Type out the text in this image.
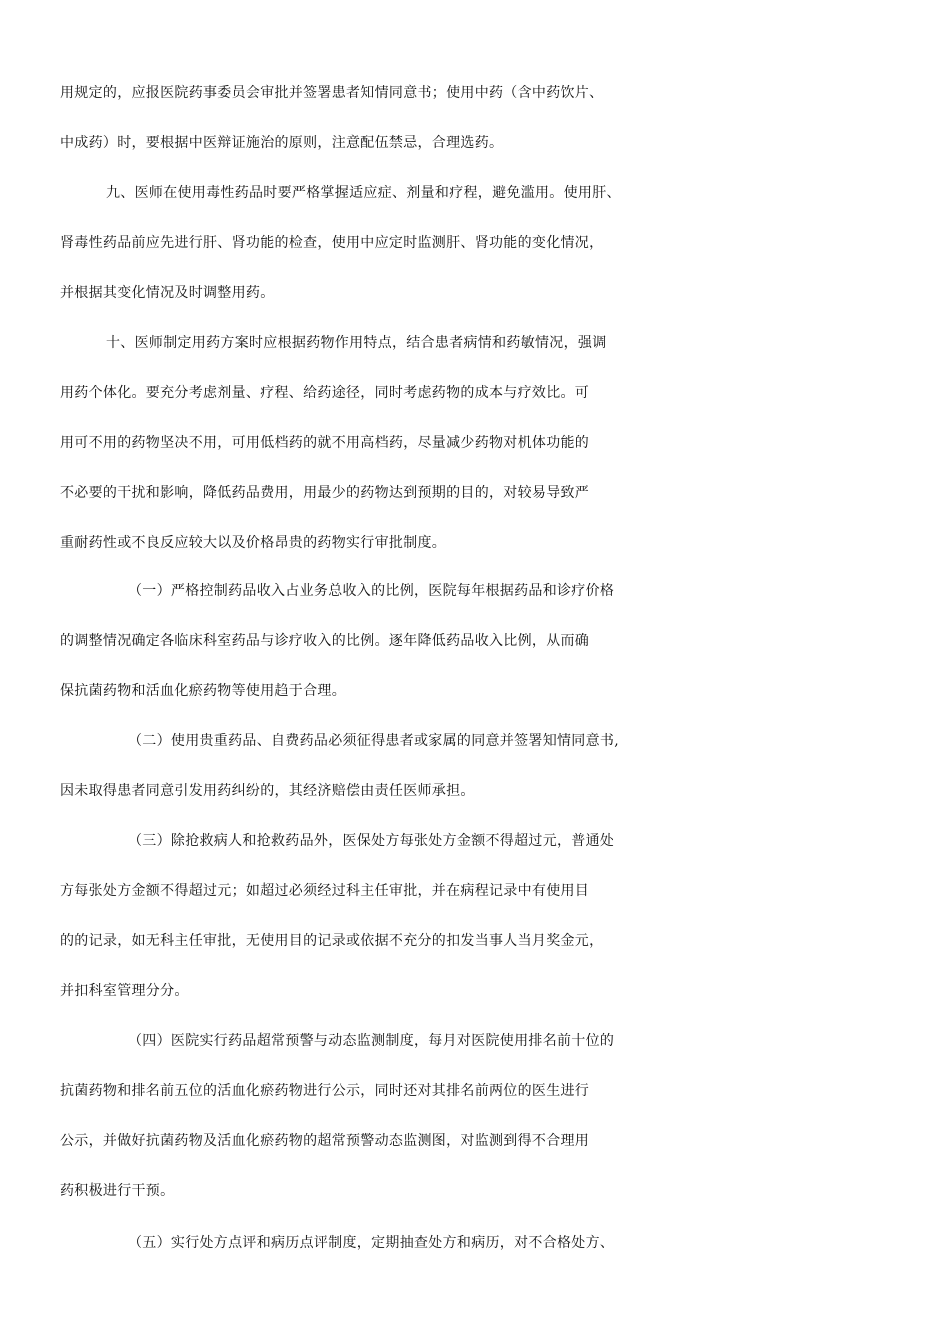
用规定的，应报医院药事委员会审批并签署患者知情同意书；使用中药（含中药饮片、
中成药）时，要根据中医辩证施治的原则，注意配伍禁忌，合理选药。
九、医师在使用毒性药品时要严格掌握适应症、剂量和疗程，避免滥用。使用肝、
肾毒性药品前应先进行肝、肾功能的检查，使用中应定时监测肝、肾功能的变化情况，
并根据其变化情况及时调整用药。
十、医师制定用药方案时应根据药物作用特点，结合患者病情和药敏情况，强调
用药个体化。要充分考虑剂量、疗程、给药途径，同时考虑药物的成本与疗效比。可
用可不用的药物坚决不用，可用低档药的就不用高档药，尽量减少药物对机体功能的
不必要的干扰和影响，降低药品费用，用最少的药物达到预期的目的，对较易导致严
重耐药性或不良反应较大以及价格昂贵的药物实行审批制度。
（一）严格控制药品收入占业务总收入的比例，医院每年根据药品和诊疗价格
的调整情况确定各临床科室药品与诊疗收入的比例。逐年降低药品收入比例，从而确
保抗菌药物和活血化瘀药物等使用趋于合理。
（二）使用贵重药品、自费药品必须征得患者或家属的同意并签署知情同意书,
因未取得患者同意引发用药纠纷的，其经济赔偿由责任医师承担。
（三）除抢救病人和抢救药品外，医保处方每张处方金额不得超过元，普通处
方每张处方金额不得超过元；如超过必须经过科主任审批，并在病程记录中有使用目
的的记录，如无科主任审批，无使用目的记录或依据不充分的扣发当事人当月奖金元，
并扣科室管理分分。
（四）医院实行药品超常预警与动态监测制度，每月对医院使用排名前十位的
抗菌药物和排名前五位的活血化瘀药物进行公示，同时还对其排名前两位的医生进行
公示，并做好抗菌药物及活血化瘀药物的超常预警动态监测图，对监测到得不合理用
药积极进行干预。
（五）实行处方点评和病历点评制度，定期抽查处方和病历，对不合格处方、
